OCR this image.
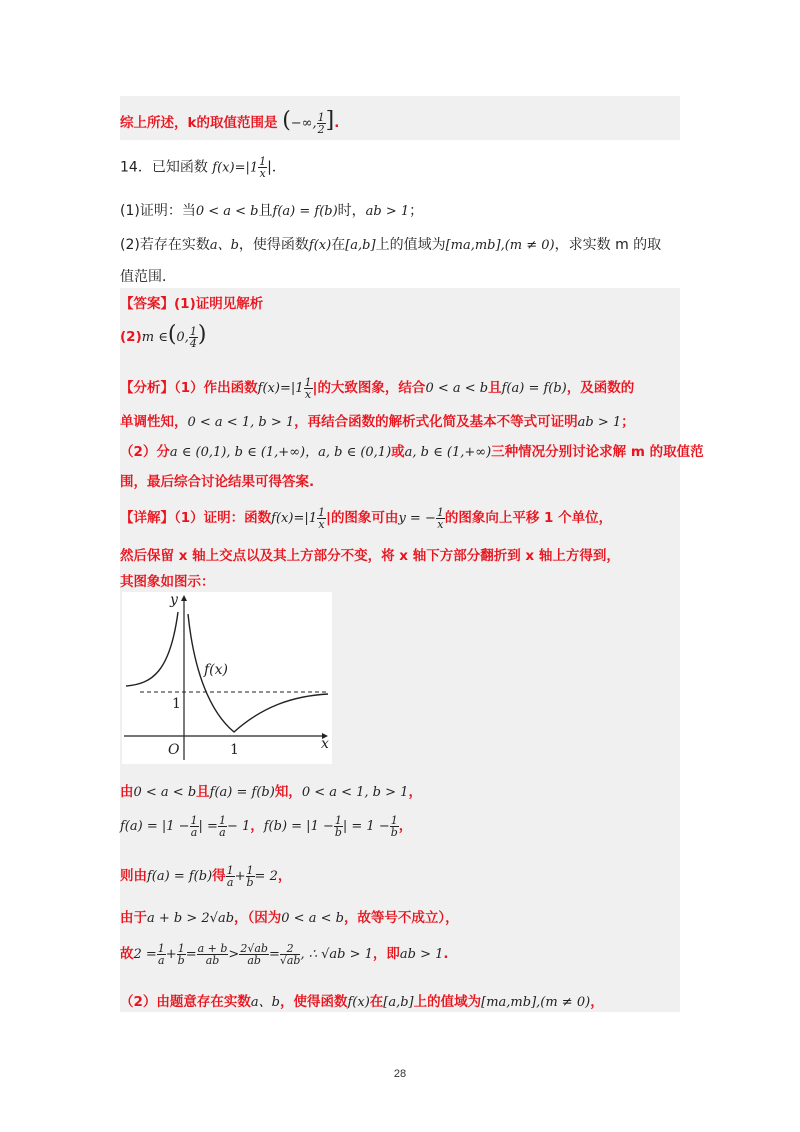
综上所述，k的取值范围是 (−∞, $\frac{1}{2}$ ].
14．已知函数 $f(x)=|1 \frac{1}{x}$ |．
(1)证明：当0 < a < b且f(a) = f(b)时，ab > 1；
(2)若存在实数a、b，使得函数f(x)在[a,b]上的值域为[ma,mb],(m ≠ 0)，求实数 m 的取
值范围．
【答案】(1)证明见解析
(2)m ∈(0, $\frac{1}{4}$ )
【分析】（1）作出函数$f(x)=|1 \frac{1}{x}$ |的大致图象，结合0 < a < b且f(a) = f(b)，及函数的
单调性知，0 < a < 1, b > 1，再结合函数的解析式化简及基本不等式可证明ab > 1；
（2）分a ∈ (0,1), b ∈ (1,+∞)，a, b ∈ (0,1)或a, b ∈ (1,+∞)三种情况分别讨论求解 m 的取值范
围，最后综合讨论结果可得答案.
【详解】（1）证明：函数$f(x)=|1 \frac{1}{x}$ |的图象可由y = − $\frac{1}{x}$ 的图象向上平移 1 个单位，
然后保留 x 轴上交点以及其上方部分不变，将 x 轴下方部分翻折到 x 轴上方得到，
其图象如图示：
y
x
O
1
1
f(x)
由0 < a < b且f(a) = f(b)知，0 < a < 1, b > 1，
$f(a) = |1 - \frac{1}{a}$ | = $\frac{1}{a} - 1$，$f(b) = |1 - \frac{1}{b}$ | = $1 - \frac{1}{b}$ ，
则由f(a) = f(b)得 $\frac{1}{a} + \frac{1}{b} = 2$，
由于a + b > 2√ab，（因为0 < a < b，故等号不成立），
故$2 = \frac{1}{a} + \frac{1}{b} = \frac{a + b}{ab} > \frac{2√ab}{ab} = \frac{2}{√ab}$ , ∴ √ab > 1，即ab > 1.
（2）由题意存在实数a、b，使得函数f(x)在[a,b]上的值域为[ma,mb],(m ≠ 0)，
28
